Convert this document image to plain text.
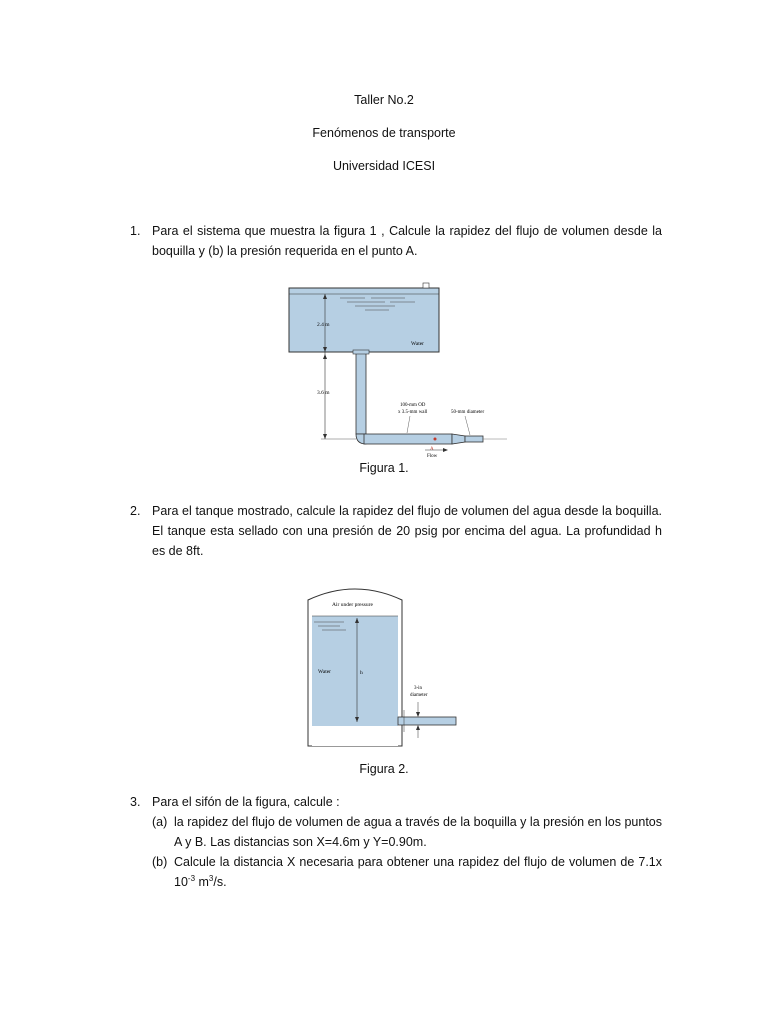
Taller No.2
Fenómenos de transporte
Universidad ICESI
1. Para el sistema que muestra la figura 1 , Calcule la rapidez del flujo de volumen desde la boquilla y (b) la presión requerida en el punto A.
2.4 m
Water
A
3.6 m
100-mm OD
x 3.5-mm wall	50-mm diameter
Flow
Figura 1.
2. Para el tanque mostrado, calcule la rapidez del flujo de volumen del agua desde la boquilla. El tanque esta sellado con una presión de 20 psig por encima del agua. La profundidad h es de 8ft.
Air under pressure
Water	h
3-in
diameter
Figura 2.
3. Para el sifón de la figura, calcule :
(a) la rapidez del flujo de volumen de agua a través de la boquilla y la presión en los puntos A y B. Las distancias son X=4.6m y Y=0.90m.
(b) Calcule la distancia X necesaria para obtener una rapidez del flujo de volumen de 7.1x $10^{-3}$ $m^3/s$.
